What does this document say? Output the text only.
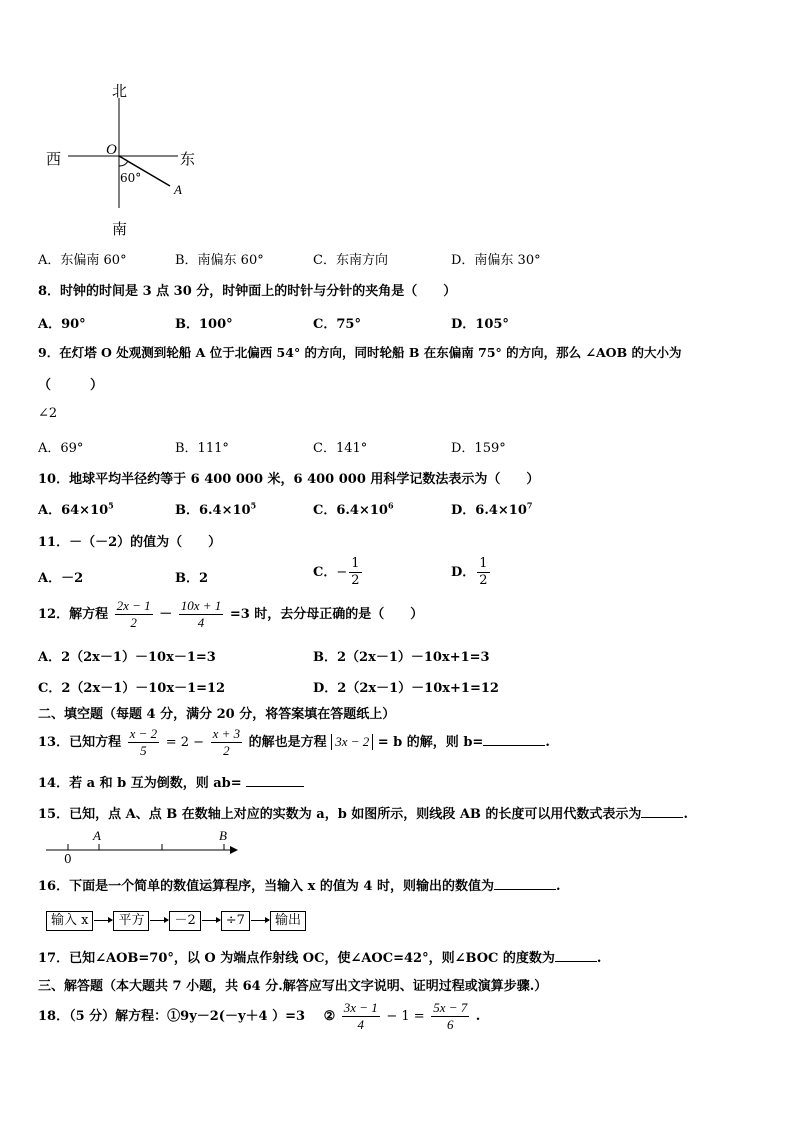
北
南
西	东
O
60°
A
A．东偏南 60°	B．南偏东 60°	C．东南方向	D．南偏东 30°
8．时钟的时间是 3 点 30 分，时钟面上的时针与分针的夹角是（　　）
A．90°	B．100°	C．75°	D．105°
9．在灯塔 O 处观测到轮船 A 位于北偏西 54° 的方向，同时轮船 B 在东偏南 75° 的方向，那么 ∠AOB 的大小为
（　　　）
∠2
A．69°	B．111°	C．141°	D．159°
10．地球平均半径约等于 6 400 000 米，6 400 000 用科学记数法表示为（　　）
A．$64\times 10^5$	B．$6.4\times 10^5$	C．$6.4\times 10^6$	D．$6.4\times 10^7$
11．－（－2）的值为（　　）
A．－2	B．2	C．− $\frac{1}{2}$	D． $\frac{1}{2}$
12．解方程 $\frac{2x - 1}{2} - \frac{10x + 1}{4} =3$ 时，去分母正确的是（　　）
A．2（2x－1）－10x－1=3	B．2（2x－1）－10x+1=3
C．2（2x－1）－10x－1=12	D．2（2x－1）－10x+1=12
二、填空题（每题 4 分，满分 20 分，将答案填在答题纸上）
13．已知方程 $\frac{x - 2}{5} = 2 - \frac{x + 3}{2}$ 的解也是方程 3x − 2 = b 的解，则 b=	.
14．若 a 和 b 互为倒数，则 ab=
15．已知，点 A、点 B 在数轴上对应的实数为 a，b 如图所示，则线段 AB 的长度可以用代数式表示为	.
A	B
0
16．下面是一个简单的数值运算程序，当输入 x 的值为 4 时，则输出的数值为	.
输入 x 平方 －2 ÷7 输出
17．已知∠AOB=70°，以 O 为端点作射线 OC，使∠AOC=42°，则∠BOC 的度数为	.
三、解答题（本大题共 7 小题，共 64 分.解答应写出文字说明、证明过程或演算步骤.）
18．（5 分）解方程：①9y－2(－y＋4 ）=3 ② $\frac{3x - 1}{4} - 1 = \frac{5x - 7}{6}$ .
